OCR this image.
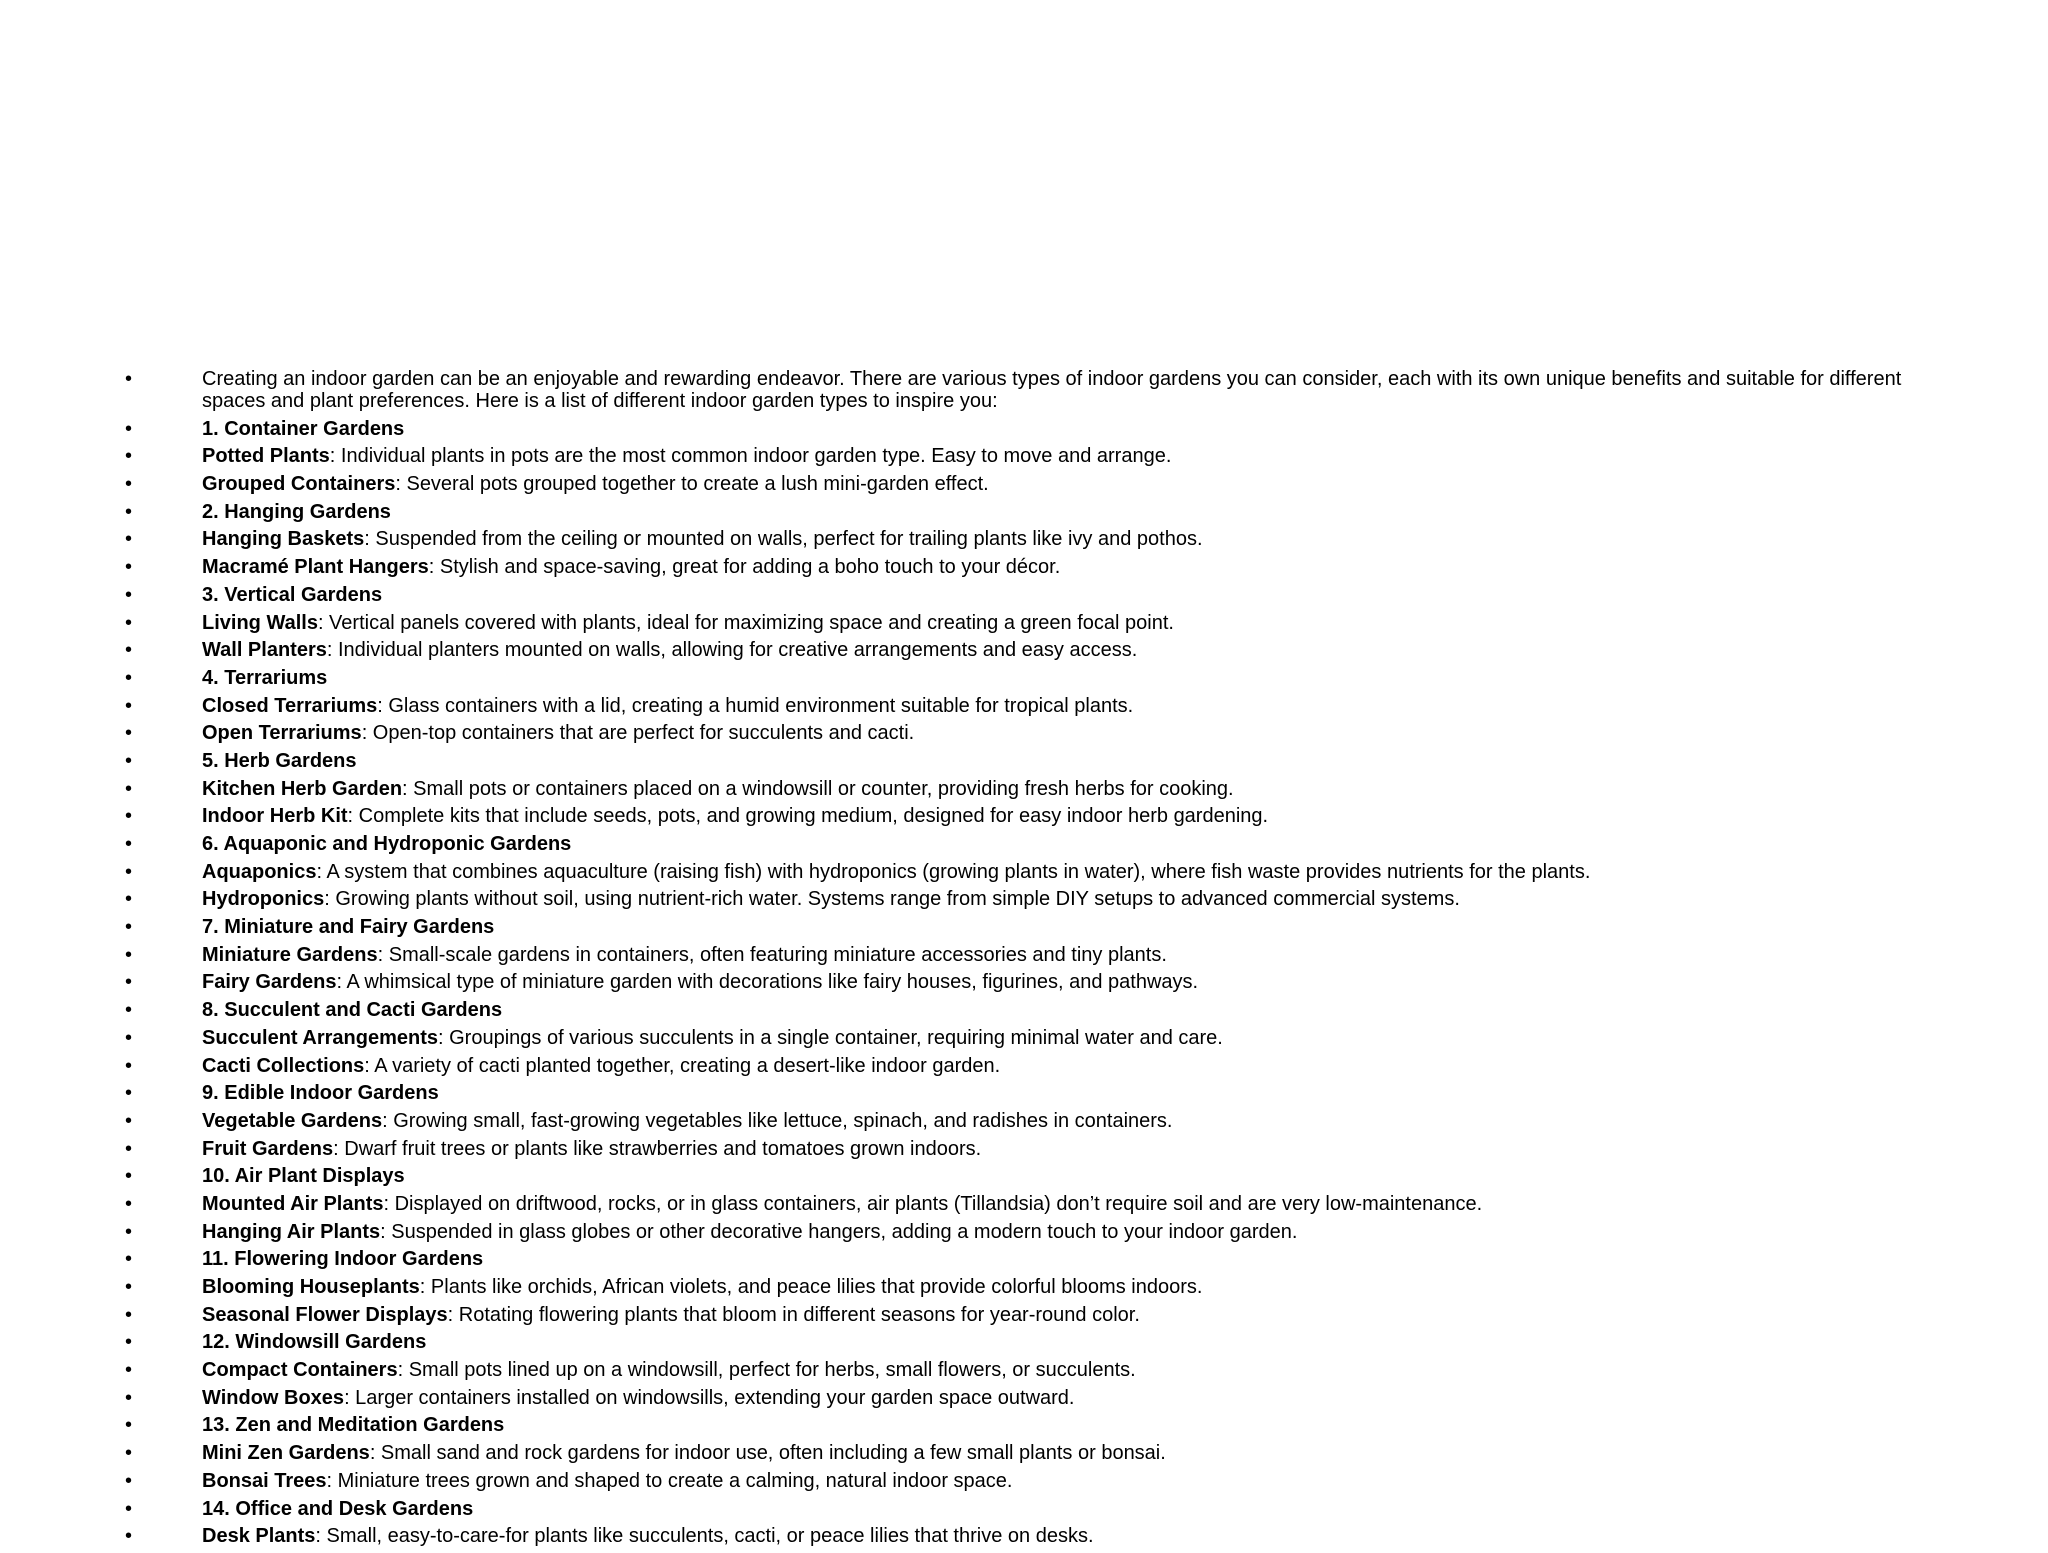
•	Creating an indoor garden can be an enjoyable and rewarding endeavor. There are various types of indoor gardens you can consider, each with its own unique benefits and suitable for different spaces and plant preferences. Here is a list of different indoor garden types to inspire you:
•	1. Container Gardens
•	Potted Plants: Individual plants in pots are the most common indoor garden type. Easy to move and arrange.
•	Grouped Containers: Several pots grouped together to create a lush mini-garden effect.
•	2. Hanging Gardens
•	Hanging Baskets: Suspended from the ceiling or mounted on walls, perfect for trailing plants like ivy and pothos.
•	Macramé Plant Hangers: Stylish and space-saving, great for adding a boho touch to your décor.
•	3. Vertical Gardens
•	Living Walls: Vertical panels covered with plants, ideal for maximizing space and creating a green focal point.
•	Wall Planters: Individual planters mounted on walls, allowing for creative arrangements and easy access.
•	4. Terrariums
•	Closed Terrariums: Glass containers with a lid, creating a humid environment suitable for tropical plants.
•	Open Terrariums: Open-top containers that are perfect for succulents and cacti.
•	5. Herb Gardens
•	Kitchen Herb Garden: Small pots or containers placed on a windowsill or counter, providing fresh herbs for cooking.
•	Indoor Herb Kit: Complete kits that include seeds, pots, and growing medium, designed for easy indoor herb gardening.
•	6. Aquaponic and Hydroponic Gardens
•	Aquaponics: A system that combines aquaculture (raising fish) with hydroponics (growing plants in water), where fish waste provides nutrients for the plants.
•	Hydroponics: Growing plants without soil, using nutrient-rich water. Systems range from simple DIY setups to advanced commercial systems.
•	7. Miniature and Fairy Gardens
•	Miniature Gardens: Small-scale gardens in containers, often featuring miniature accessories and tiny plants.
•	Fairy Gardens: A whimsical type of miniature garden with decorations like fairy houses, figurines, and pathways.
•	8. Succulent and Cacti Gardens
•	Succulent Arrangements: Groupings of various succulents in a single container, requiring minimal water and care.
•	Cacti Collections: A variety of cacti planted together, creating a desert-like indoor garden.
•	9. Edible Indoor Gardens
•	Vegetable Gardens: Growing small, fast-growing vegetables like lettuce, spinach, and radishes in containers.
•	Fruit Gardens: Dwarf fruit trees or plants like strawberries and tomatoes grown indoors.
•	10. Air Plant Displays
•	Mounted Air Plants: Displayed on driftwood, rocks, or in glass containers, air plants (Tillandsia) don’t require soil and are very low-maintenance.
•	Hanging Air Plants: Suspended in glass globes or other decorative hangers, adding a modern touch to your indoor garden.
•	11. Flowering Indoor Gardens
•	Blooming Houseplants: Plants like orchids, African violets, and peace lilies that provide colorful blooms indoors.
•	Seasonal Flower Displays: Rotating flowering plants that bloom in different seasons for year-round color.
•	12. Windowsill Gardens
•	Compact Containers: Small pots lined up on a windowsill, perfect for herbs, small flowers, or succulents.
•	Window Boxes: Larger containers installed on windowsills, extending your garden space outward.
•	13. Zen and Meditation Gardens
•	Mini Zen Gardens: Small sand and rock gardens for indoor use, often including a few small plants or bonsai.
•	Bonsai Trees: Miniature trees grown and shaped to create a calming, natural indoor space.
•	14. Office and Desk Gardens
•	Desk Plants: Small, easy-to-care-for plants like succulents, cacti, or peace lilies that thrive on desks.
